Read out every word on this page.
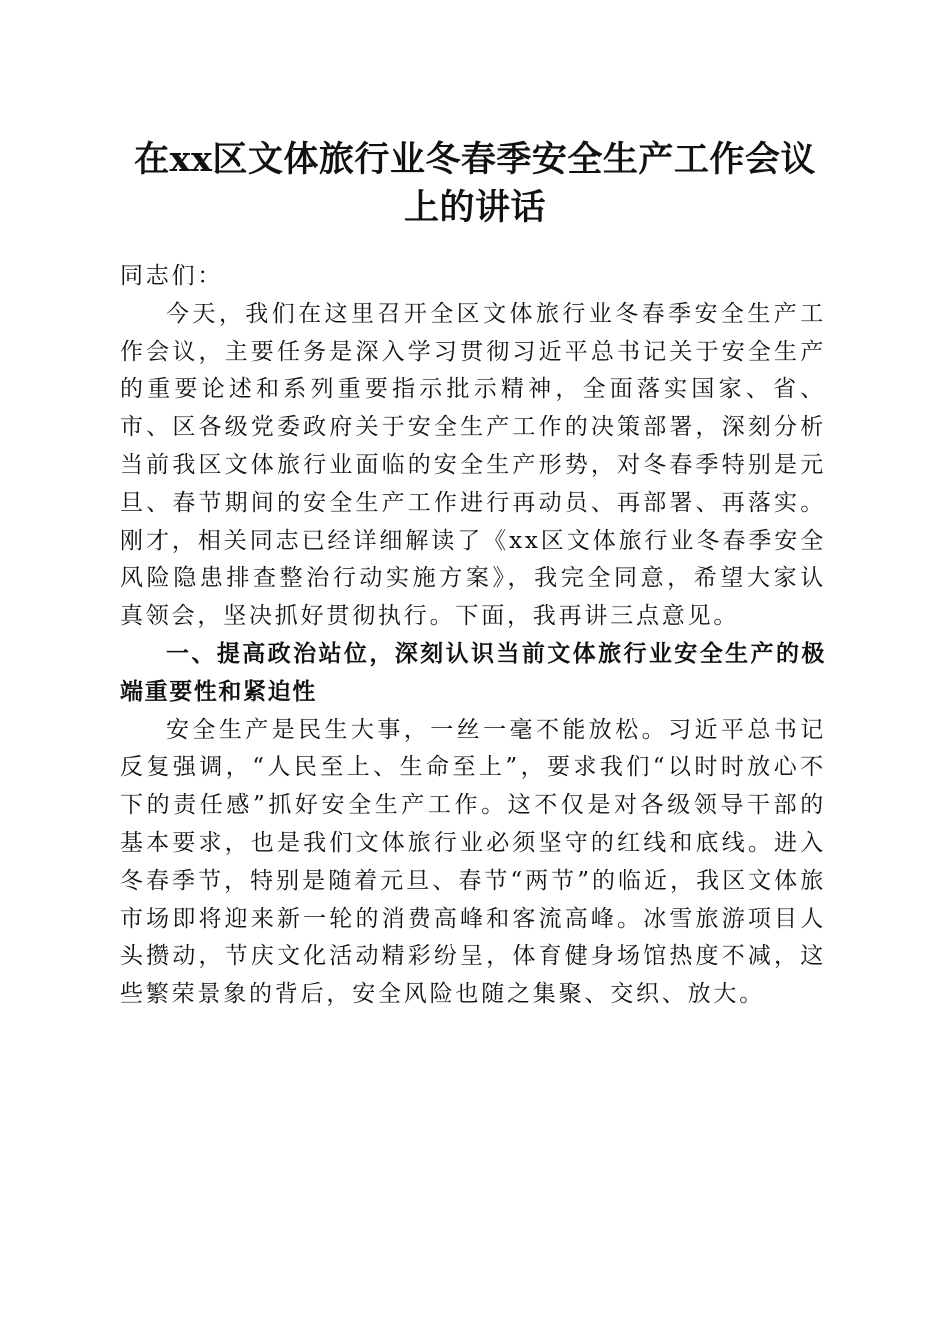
在xx区文体旅行业冬春季安全生产工作会议
上的讲话

同志们：

今天，我们在这里召开全区文体旅行业冬春季安全生产工作会议，主要任务是深入学习贯彻习近平总书记关于安全生产的重要论述和系列重要指示批示精神，全面落实国家、省、市、区各级党委政府关于安全生产工作的决策部署，深刻分析当前我区文体旅行业面临的安全生产形势，对冬春季特别是元旦、春节期间的安全生产工作进行再动员、再部署、再落实。刚才，相关同志已经详细解读了《xx区文体旅行业冬春季安全风险隐患排查整治行动实施方案》，我完全同意，希望大家认真领会，坚决抓好贯彻执行。下面，我再讲三点意见。

一、提高政治站位，深刻认识当前文体旅行业安全生产的极端重要性和紧迫性

安全生产是民生大事，一丝一毫不能放松。习近平总书记反复强调，“人民至上、生命至上”，要求我们“以时时放心不下的责任感”抓好安全生产工作。这不仅是对各级领导干部的基本要求，也是我们文体旅行业必须坚守的红线和底线。进入冬春季节，特别是随着元旦、春节“两节”的临近，我区文体旅市场即将迎来新一轮的消费高峰和客流高峰。冰雪旅游项目人头攒动，节庆文化活动精彩纷呈，体育健身场馆热度不减，这些繁荣景象的背后，安全风险也随之集聚、交织、放大。
